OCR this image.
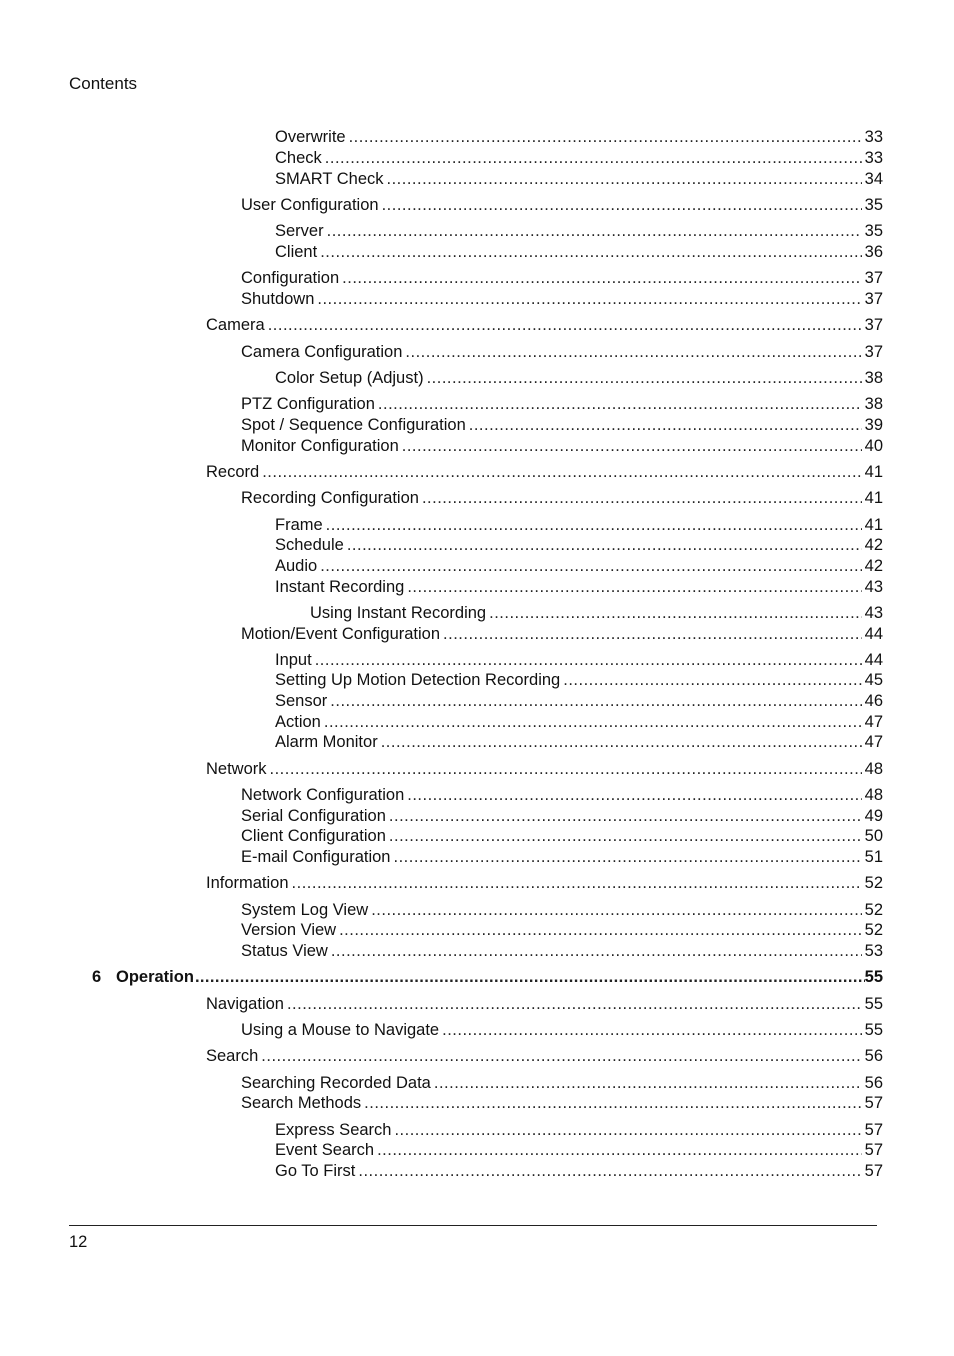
Contents
Overwrite .....	33
Check .....	33
SMART Check .....	34
User Configuration .....	35
Server .....	35
Client .....	36
Configuration .....	37
Shutdown .....	37
Camera .....	37
Camera Configuration .....	37
Color Setup (Adjust) .....	38
PTZ Configuration .....	38
Spot / Sequence Configuration .....	39
Monitor Configuration .....	40
Record .....	41
Recording Configuration .....	41
Frame .....	41
Schedule .....	42
Audio .....	42
Instant Recording .....	43
Using Instant Recording .....	43
Motion/Event Configuration .....	44
Input .....	44
Setting Up Motion Detection Recording .....	45
Sensor .....	46
Action .....	47
Alarm Monitor .....	47
Network .....	48
Network Configuration .....	48
Serial Configuration .....	49
Client Configuration .....	50
E-mail Configuration .....	51
Information .....	52
System Log View .....	52
Version View .....	52
Status View .....	53
6 Operation .....	55
Navigation .....	55
Using a Mouse to Navigate .....	55
Search .....	56
Searching Recorded Data .....	56
Search Methods .....	57
Express Search .....	57
Event Search .....	57
Go To First .....	57
12
